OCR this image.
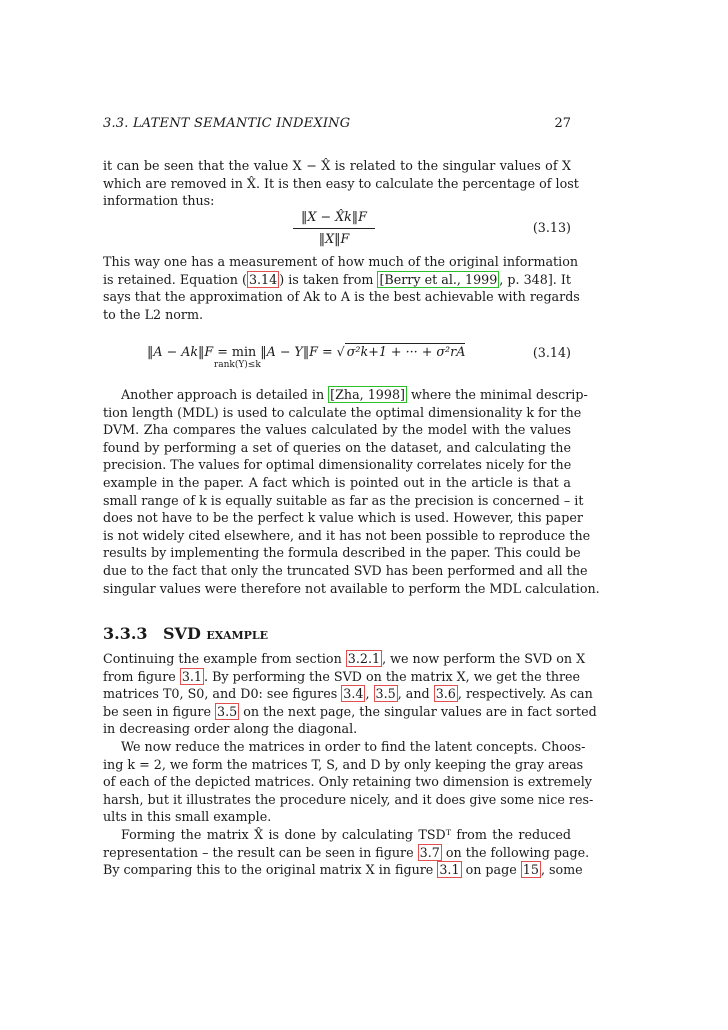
3.3. LATENT SEMANTIC INDEXING	27
it can be seen that the value X − X̂ is related to the singular values of X
which are removed in X̂. It is then easy to calculate the percentage of lost
information thus:
‖X − X̂k‖F
‖X‖F
(3.13)
This way one has a measurement of how much of the original information
is retained. Equation ( 3.14 ) is taken from [Berry et al., 1999 , p. 348]. It
says that the approximation of Ak to A is the best achievable with regards
to the L2 norm.
‖A − Ak‖F = min
rank(Y)≤k
‖A − Y‖F = √ σ²k+1 + ··· + σ²rA	(3.14)
Another approach is detailed in [Zha, 1998] where the minimal descrip-
tion length (MDL) is used to calculate the optimal dimensionality k for the
DVM. Zha compares the values calculated by the model with the values
found by performing a set of queries on the dataset, and calculating the
precision. The values for optimal dimensionality correlates nicely for the
example in the paper. A fact which is pointed out in the article is that a
small range of k is equally suitable as far as the precision is concerned – it
does not have to be the perfect k value which is used. However, this paper
is not widely cited elsewhere, and it has not been possible to reproduce the
results by implementing the formula described in the paper. This could be
due to the fact that only the truncated SVD has been performed and all the
singular values were therefore not available to perform the MDL calculation.
3.3.3 SVD example
Continuing the example from section 3.2.1 , we now perform the SVD on X
from figure 3.1 . By performing the SVD on the matrix X, we get the three
matrices T0, S0, and D0: see figures 3.4 , 3.5 , and 3.6 , respectively. As can
be seen in figure 3.5 on the next page, the singular values are in fact sorted
in decreasing order along the diagonal.
We now reduce the matrices in order to find the latent concepts. Choos-
ing k = 2, we form the matrices T, S, and D by only keeping the gray areas
of each of the depicted matrices. Only retaining two dimension is extremely
harsh, but it illustrates the procedure nicely, and it does give some nice res-
ults in this small example.
Forming the matrix X̂ is done by calculating TSDᵀ from the reduced
representation – the result can be seen in figure 3.7 on the following page.
By comparing this to the original matrix X in figure 3.1 on page 15 , some
